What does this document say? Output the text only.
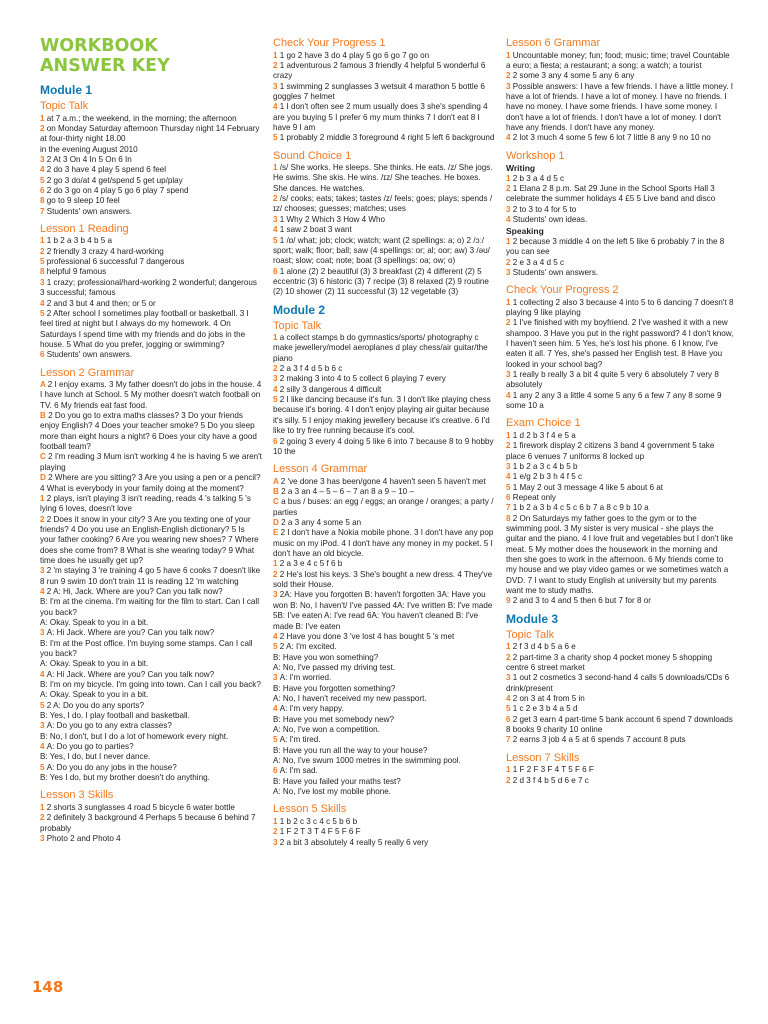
WORKBOOK
ANSWER KEY
Module 1
Topic Talk

1 at 7 a.m.; the weekend, in the morning; the afternoon

2 on Monday Saturday afternoon Thursday night 14 February at four-thirty night 18.00

in the evening August 2010

3 2 At 3 On 4 In 5 On 6 In

4 2 do 3 have 4 play 5 spend 6 feel

5 2 go 3 do/at 4 get/spend 5 get up/play

6 2 do 3 go on 4 play 5 go 6 play 7 spend

8 go to 9 sleep 10 feel

7 Students' own answers.

Lesson 1 Reading

1 1 b 2 a 3 b 4 b 5 a

2 2 friendly 3 crazy 4 hard-working

5 professional 6 successful 7 dangerous

8 helpful 9 famous

3 1 crazy; professional/hard-working 2 wonderful; dangerous 3 successful; famous

4 2 and 3 but 4 and then; or 5 or

5 2 After school I sometimes play football or basketball. 3 I feel tired at night but I always do my homework. 4 On Saturdays I spend time with my friends and do jobs in the house. 5 What do you prefer, jogging or swimming?

6 Students' own answers.

Lesson 2 Grammar

A 2 I enjoy exams. 3 My father doesn't do jobs in the house. 4 I have lunch at School. 5 My mother doesn't watch football on TV. 6 My friends eat fast food.

B 2 Do you go to extra maths classes? 3 Do your friends enjoy English? 4 Does your teacher smoke? 5 Do you sleep more than eight hours a night? 6 Does your city have a good football team?

C 2 I'm reading 3 Mum isn't working 4 he is having 5 we aren't playing

D 2 Where are you sitting? 3 Are you using a pen or a pencil? 4 What is everybody in your family doing at the moment?

1 2 plays, isn't playing 3 isn't reading, reads 4 's talking 5 's lying 6 loves, doesn't love

2 2 Does it snow in your city? 3 Are you texting one of your friends? 4 Do you use an English-English dictionary? 5 Is your father cooking? 6 Are you wearing new shoes? 7 Where does she come from? 8 What is she wearing today? 9 What time does he usually get up?

3 2 'm staying 3 're training 4 go 5 have 6 cooks 7 doesn't like 8 run 9 swim 10 don't train 11 is reading 12 'm watching

4 2 A: Hi, Jack. Where are you? Can you talk now?

B: I'm at the cinema. I'm waiting for the film to start. Can I call you back?

A: Okay. Speak to you in a bit.

3 A: Hi Jack. Where are you? Can you talk now?

B: I'm at the Post office. I'm buying some stamps. Can I call you back?

A: Okay. Speak to you in a bit.

4 A: Hi Jack. Where are you? Can you talk now?

B: I'm on my bicycle. I'm going into town. Can I call you back?

A: Okay. Speak to you in a bit.

5 2 A: Do you do any sports?

B: Yes, I do. I play football and basketball.

3 A: Do you go to any extra classes?

B: No, I don't, but I do a lot of homework every night.

4 A: Do you go to parties?

B: Yes, I do, but I never dance.

5 A: Do you do any jobs in the house?

B: Yes I do, but my brother doesn't do anything.

Lesson 3 Skills

1 2 shorts 3 sunglasses 4 road 5 bicycle 6 water bottle

2 2 definitely 3 background 4 Perhaps 5 because 6 behind 7 probably

3 Photo 2 and Photo 4

Check Your Progress 1

1 1 go 2 have 3 do 4 play 5 go 6 go 7 go on

2 1 adventurous 2 famous 3 friendly 4 helpful 5 wonderful 6 crazy

3 1 swimming 2 sunglasses 3 wetsuit 4 marathon 5 bottle 6 goggles 7 helmet

4 1 I don't often see 2 mum usually does 3 she's spending 4 are you buying 5 I prefer 6 my mum thinks 7 I don't eat 8 I have 9 I am

5 1 probably 2 middle 3 foreground 4 right 5 left 6 background

Sound Choice 1

1 /s/ She works. He sleeps. She thinks. He eats. /z/ She jogs. He swims. She skis. He wins. /ɪz/ She teaches. He boxes. She dances. He watches.

2 /s/ cooks; eats; takes; tastes /z/ feels; goes; plays; spends /ɪz/ chooses; guesses; matches; uses

3 1 Why 2 Which 3 How 4 Who

4 1 saw 2 boat 3 want

5 1 /ɒ/ what; job; clock; watch; want (2 spellings: a; o) 2 /ɔː/ sport; walk; floor; ball; saw (4 spellings: or; al; oor; aw) 3 /əʊ/ roast; slow; coat; note; boat (3 spellings: oa; ow; o)

6 1 alone (2) 2 beautiful (3) 3 breakfast (2) 4 different (2) 5 eccentric (3) 6 historic (3) 7 recipe (3) 8 relaxed (2) 9 routine (2) 10 shower (2) 11 successful (3) 12 vegetable (3)

Module 2
Topic Talk

1 a collect stamps b do gymnastics/sports/ photography c make jewellery/model aeroplanes d play chess/air guitar/the piano

2 2 a 3 f 4 d 5 b 6 c

3 2 making 3 into 4 to 5 collect 6 playing 7 every

4 2 silly 3 dangerous 4 difficult

5 2 I like dancing because it's fun. 3 I don't like playing chess because it's boring. 4 I don't enjoy playing air guitar because it's silly. 5 I enjoy making jewellery because it's creative. 6 I'd like to try free running because it's cool.

6 2 going 3 every 4 doing 5 like 6 into 7 because 8 to 9 hobby 10 the

Lesson 4 Grammar

A 2 've done 3 has been/gone 4 haven't seen 5 haven't met

B 2 a 3 an 4 – 5 – 6 – 7 an 8 a 9 – 10 –

C a bus / buses: an egg / eggs; an orange / oranges; a party / parties

D 2 a 3 any 4 some 5 an

E 2 I don't have a Nokia mobile phone. 3 I don't have any pop music on my iPod. 4 I don't have any money in my pocket. 5 I don't have an old bicycle.

1 2 a 3 e 4 c 5 f 6 b

2 2 He's lost his keys. 3 She's bought a new dress. 4 They've sold their House.

3 2A: Have you forgotten B: haven't forgotten 3A: Have you won B: No, I haven't/ I've passed 4A: I've written B: I've made 5B: I've eaten A: I've read 6A: You haven't cleaned B: I've made B: I've eaten

4 2 Have you done 3 've lost 4 has bought 5 's met

5 2 A: I'm excited.

B: Have you won something?

A: No, I've passed my driving test.

3 A: I'm worried.

B: Have you forgotten something?

A: No, I haven't received my new passport.

4 A: I'm very happy.

B: Have you met somebody new?

A: No, I've won a competition.

5 A: I'm tired.

B: Have you run all the way to your house?

A: No, I've swum 1000 metres in the swimming pool.

6 A: I'm sad.

B: Have you failed your maths test?

A: No, I've lost my mobile phone.

Lesson 5 Skills

1 1 b 2 c 3 c 4 c 5 b 6 b

2 1 F 2 T 3 T 4 F 5 F 6 F

3 2 a bit 3 absolutely 4 really 5 really 6 very

Lesson 6 Grammar

1 Uncountable money; fun; food; music; time; travel Countable a euro; a fiesta; a restaurant; a song; a watch; a tourist

2 2 some 3 any 4 some 5 any 6 any

3 Possible answers: I have a few friends. I have a little money. I have a lot of friends. I have a lot of money. I have no friends. I have no money. I have some friends. I have some money. I don't have a lot of friends. I don't have a lot of money. I don't have any friends. I don't have any money.

4 2 lot 3 much 4 some 5 few 6 lot 7 little 8 any 9 no 10 no

Workshop 1
Writing

1 2 b 3 a 4 d 5 c

2 1 Elana 2 8 p.m. Sat 29 June in the School Sports Hall 3 celebrate the summer holidays 4 £5 5 Live band and disco

3 2 to 3 to 4 for 5 to

4 Students' own ideas.

Speaking

1 2 because 3 middle 4 on the left 5 like 6 probably 7 in the 8 you can see

2 2 e 3 a 4 d 5 c

3 Students' own answers.

Check Your Progress 2

1 1 collecting 2 also 3 because 4 into 5 to 6 dancing 7 doesn't 8 playing 9 like playing

2 1 I've finished with my boyfriend. 2 I've washed it with a new shampoo. 3 Have you put in the right password? 4 I don't know, I haven't seen him. 5 Yes, he's lost his phone. 6 I know, I've eaten it all. 7 Yes, she's passed her English test. 8 Have you looked in your school bag?

3 1 really b really 3 a bit 4 quite 5 very 6 absolutely 7 very 8 absolutely

4 1 any 2 any 3 a little 4 some 5 any 6 a few 7 any 8 some 9 some 10 a

Exam Choice 1

1 1 d 2 b 3 f 4 e 5 a

2 1 firework display 2 citizens 3 band 4 government 5 take place 6 venues 7 uniforms 8 locked up

3 1 b 2 a 3 c 4 b 5 b

4 1 e/g 2 b 3 h 4 f 5 c

5 1 May 2 out 3 message 4 like 5 about 6 at

6 Repeat only

7 1 b 2 a 3 b 4 c 5 c 6 b 7 a 8 c 9 b 10 a

8 2 On Saturdays my father goes to the gym or to the swimming pool. 3 My sister is very musical - she plays the guitar and the piano. 4 I love fruit and vegetables but I don't like meat. 5 My mother does the housework in the morning and then she goes to work in the afternoon. 6 My friends come to my house and we play video games or we sometimes watch a DVD. 7 I want to study English at university but my parents want me to study maths.

9 2 and 3 to 4 and 5 then 6 but 7 for 8 or

Module 3
Topic Talk

1 2 f 3 d 4 b 5 a 6 e

2 2 part-time 3 a charity shop 4 pocket money 5 shopping centre 6 street market

3 1 out 2 cosmetics 3 second-hand 4 calls 5 downloads/CDs 6 drink/present

4 2 on 3 at 4 from 5 in

5 1 c 2 e 3 b 4 a 5 d

6 2 get 3 earn 4 part-time 5 bank account 6 spend 7 downloads 8 books 9 charity 10 online

7 2 earns 3 job 4 a 5 at 6 spends 7 account 8 puts

Lesson 7 Skills

1 1 F 2 F 3 F 4 T 5 F 6 F

2 2 d 3 f 4 b 5 d 6 e 7 c

148
